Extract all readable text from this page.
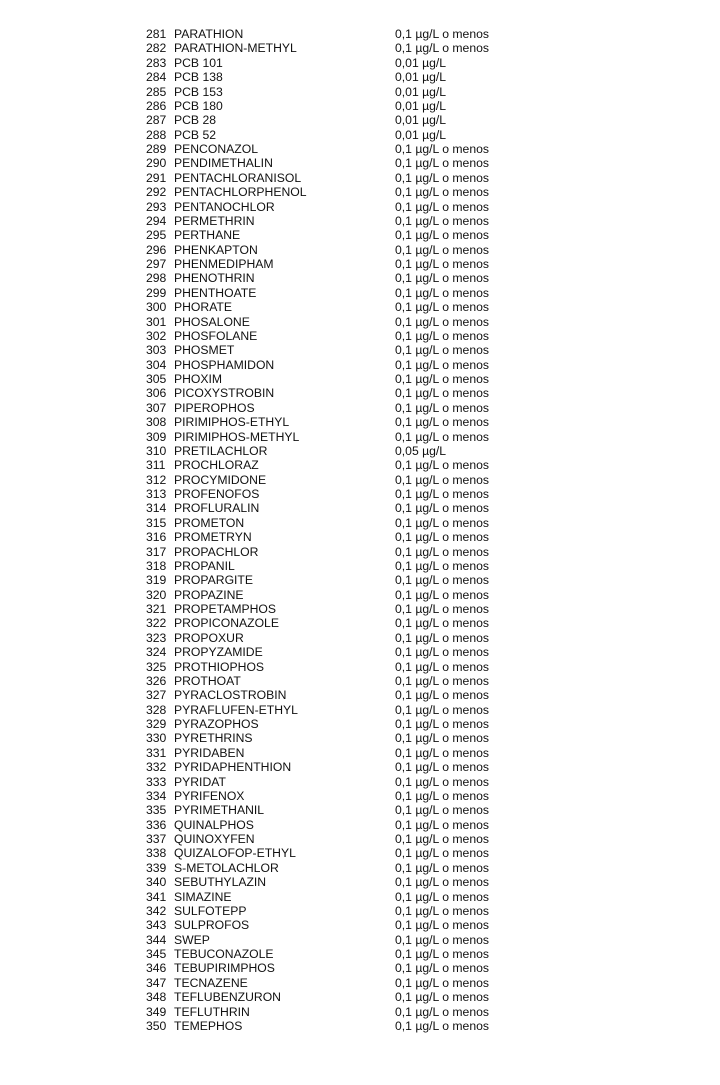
281 PARATHION	0,1 µg/L o menos
282 PARATHION-METHYL	0,1 µg/L o menos
283 PCB 101	0,01 µg/L
284 PCB 138	0,01 µg/L
285 PCB 153	0,01 µg/L
286 PCB 180	0,01 µg/L
287 PCB 28	0,01 µg/L
288 PCB 52	0,01 µg/L
289 PENCONAZOL	0,1 µg/L o menos
290 PENDIMETHALIN	0,1 µg/L o menos
291 PENTACHLORANISOL	0,1 µg/L o menos
292 PENTACHLORPHENOL	0,1 µg/L o menos
293 PENTANOCHLOR	0,1 µg/L o menos
294 PERMETHRIN	0,1 µg/L o menos
295 PERTHANE	0,1 µg/L o menos
296 PHENKAPTON	0,1 µg/L o menos
297 PHENMEDIPHAM	0,1 µg/L o menos
298 PHENOTHRIN	0,1 µg/L o menos
299 PHENTHOATE	0,1 µg/L o menos
300 PHORATE	0,1 µg/L o menos
301 PHOSALONE	0,1 µg/L o menos
302 PHOSFOLANE	0,1 µg/L o menos
303 PHOSMET	0,1 µg/L o menos
304 PHOSPHAMIDON	0,1 µg/L o menos
305 PHOXIM	0,1 µg/L o menos
306 PICOXYSTROBIN	0,1 µg/L o menos
307 PIPEROPHOS	0,1 µg/L o menos
308 PIRIMIPHOS-ETHYL	0,1 µg/L o menos
309 PIRIMIPHOS-METHYL	0,1 µg/L o menos
310 PRETILACHLOR	0,05 µg/L
311 PROCHLORAZ	0,1 µg/L o menos
312 PROCYMIDONE	0,1 µg/L o menos
313 PROFENOFOS	0,1 µg/L o menos
314 PROFLURALIN	0,1 µg/L o menos
315 PROMETON	0,1 µg/L o menos
316 PROMETRYN	0,1 µg/L o menos
317 PROPACHLOR	0,1 µg/L o menos
318 PROPANIL	0,1 µg/L o menos
319 PROPARGITE	0,1 µg/L o menos
320 PROPAZINE	0,1 µg/L o menos
321 PROPETAMPHOS	0,1 µg/L o menos
322 PROPICONAZOLE	0,1 µg/L o menos
323 PROPOXUR	0,1 µg/L o menos
324 PROPYZAMIDE	0,1 µg/L o menos
325 PROTHIOPHOS	0,1 µg/L o menos
326 PROTHOAT	0,1 µg/L o menos
327 PYRACLOSTROBIN	0,1 µg/L o menos
328 PYRAFLUFEN-ETHYL	0,1 µg/L o menos
329 PYRAZOPHOS	0,1 µg/L o menos
330 PYRETHRINS	0,1 µg/L o menos
331 PYRIDABEN	0,1 µg/L o menos
332 PYRIDAPHENTHION	0,1 µg/L o menos
333 PYRIDAT	0,1 µg/L o menos
334 PYRIFENOX	0,1 µg/L o menos
335 PYRIMETHANIL	0,1 µg/L o menos
336 QUINALPHOS	0,1 µg/L o menos
337 QUINOXYFEN	0,1 µg/L o menos
338 QUIZALOFOP-ETHYL	0,1 µg/L o menos
339 S-METOLACHLOR	0,1 µg/L o menos
340 SEBUTHYLAZIN	0,1 µg/L o menos
341 SIMAZINE	0,1 µg/L o menos
342 SULFOTEPP	0,1 µg/L o menos
343 SULPROFOS	0,1 µg/L o menos
344 SWEP	0,1 µg/L o menos
345 TEBUCONAZOLE	0,1 µg/L o menos
346 TEBUPIRIMPHOS	0,1 µg/L o menos
347 TECNAZENE	0,1 µg/L o menos
348 TEFLUBENZURON	0,1 µg/L o menos
349 TEFLUTHRIN	0,1 µg/L o menos
350 TEMEPHOS	0,1 µg/L o menos
